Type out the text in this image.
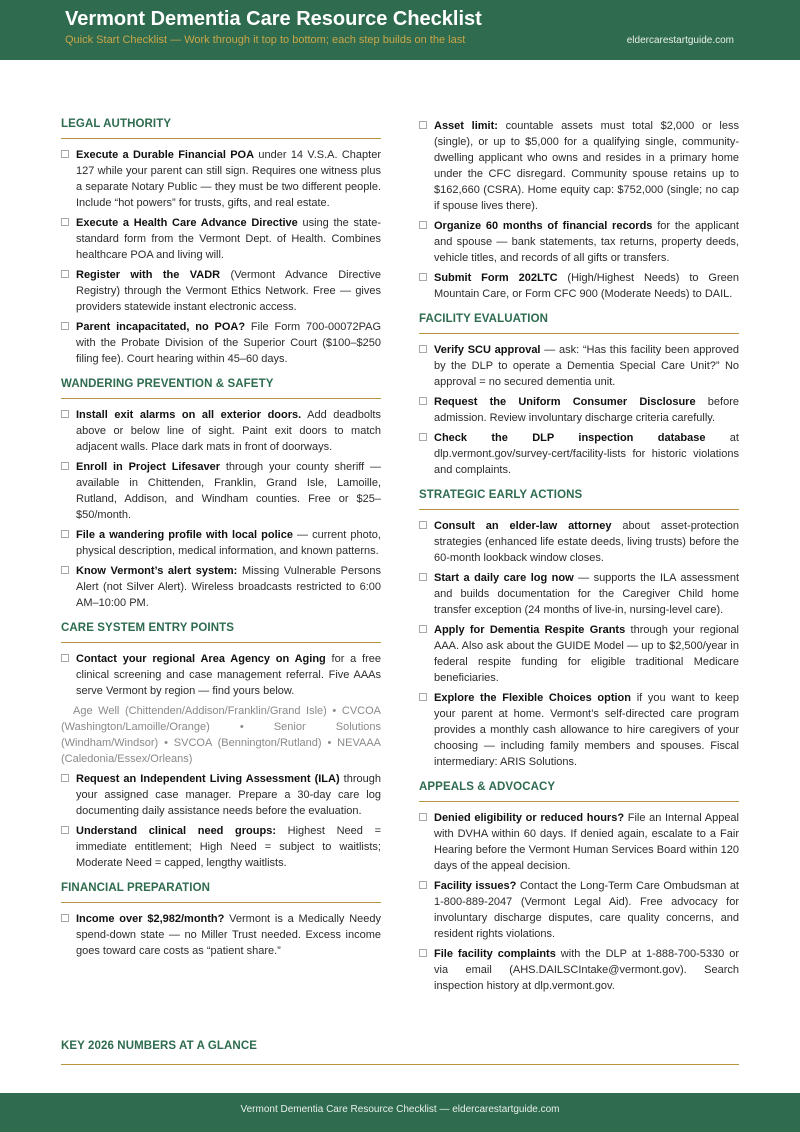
Vermont Dementia Care Resource Checklist
Quick Start Checklist — Work through it top to bottom; each step builds on the last	eldercarestartguide.com
LEGAL AUTHORITY
Execute a Durable Financial POA under 14 V.S.A. Chapter 127 while your parent can still sign. Requires one witness plus a separate Notary Public — they must be two different people. Include “hot powers” for trusts, gifts, and real estate.
Execute a Health Care Advance Directive using the state-standard form from the Vermont Dept. of Health. Combines healthcare POA and living will.
Register with the VADR (Vermont Advance Directive Registry) through the Vermont Ethics Network. Free — gives providers statewide instant electronic access.
Parent incapacitated, no POA? File Form 700-00072PAG with the Probate Division of the Superior Court ($100–$250 filing fee). Court hearing within 45–60 days.
WANDERING PREVENTION & SAFETY
Install exit alarms on all exterior doors. Add deadbolts above or below line of sight. Paint exit doors to match adjacent walls. Place dark mats in front of doorways.
Enroll in Project Lifesaver through your county sheriff — available in Chittenden, Franklin, Grand Isle, Lamoille, Rutland, Addison, and Windham counties. Free or $25–$50/month.
File a wandering profile with local police — current photo, physical description, medical information, and known patterns.
Know Vermont’s alert system: Missing Vulnerable Persons Alert (not Silver Alert). Wireless broadcasts restricted to 6:00 AM–10:00 PM.
CARE SYSTEM ENTRY POINTS
Contact your regional Area Agency on Aging for a free clinical screening and case management referral. Five AAAs serve Vermont by region — find yours below.
Age Well (Chittenden/Addison/Franklin/Grand Isle) • CVCOA (Washington/Lamoille/Orange) • Senior Solutions (Windham/Windsor) • SVCOA (Bennington/Rutland) • NEVAAA (Caledonia/Essex/Orleans)
Request an Independent Living Assessment (ILA) through your assigned case manager. Prepare a 30-day care log documenting daily assistance needs before the evaluation.
Understand clinical need groups: Highest Need = immediate entitlement; High Need = subject to waitlists; Moderate Need = capped, lengthy waitlists.
FINANCIAL PREPARATION
Income over $2,982/month? Vermont is a Medically Needy spend-down state — no Miller Trust needed. Excess income goes toward care costs as “patient share.”
Asset limit: countable assets must total $2,000 or less (single), or up to $5,000 for a qualifying single, community-dwelling applicant who owns and resides in a primary home under the CFC disregard. Community spouse retains up to $162,660 (CSRA). Home equity cap: $752,000 (single; no cap if spouse lives there).
Organize 60 months of financial records for the applicant and spouse — bank statements, tax returns, property deeds, vehicle titles, and records of all gifts or transfers.
Submit Form 202LTC (High/Highest Needs) to Green Mountain Care, or Form CFC 900 (Moderate Needs) to DAIL.
FACILITY EVALUATION
Verify SCU approval — ask: “Has this facility been approved by the DLP to operate a Dementia Special Care Unit?” No approval = no secured dementia unit.
Request the Uniform Consumer Disclosure before admission. Review involuntary discharge criteria carefully.
Check the DLP inspection database at dlp.vermont.gov/survey-cert/facility-lists for historic violations and complaints.
STRATEGIC EARLY ACTIONS
Consult an elder-law attorney about asset-protection strategies (enhanced life estate deeds, living trusts) before the 60-month lookback window closes.
Start a daily care log now — supports the ILA assessment and builds documentation for the Caregiver Child home transfer exception (24 months of live-in, nursing-level care).
Apply for Dementia Respite Grants through your regional AAA. Also ask about the GUIDE Model — up to $2,500/year in federal respite funding for eligible traditional Medicare beneficiaries.
Explore the Flexible Choices option if you want to keep your parent at home. Vermont’s self-directed care program provides a monthly cash allowance to hire caregivers of your choosing — including family members and spouses. Fiscal intermediary: ARIS Solutions.
APPEALS & ADVOCACY
Denied eligibility or reduced hours? File an Internal Appeal with DVHA within 60 days. If denied again, escalate to a Fair Hearing before the Vermont Human Services Board within 120 days of the appeal decision.
Facility issues? Contact the Long-Term Care Ombudsman at 1-800-889-2047 (Vermont Legal Aid). Free advocacy for involuntary discharge disputes, care quality concerns, and resident rights violations.
File facility complaints with the DLP at 1-888-700-5330 or via email (AHS.DAILSCIntake@vermont.gov). Search inspection history at dlp.vermont.gov.
KEY 2026 NUMBERS AT A GLANCE
Vermont Dementia Care Resource Checklist — eldercarestartguide.com
